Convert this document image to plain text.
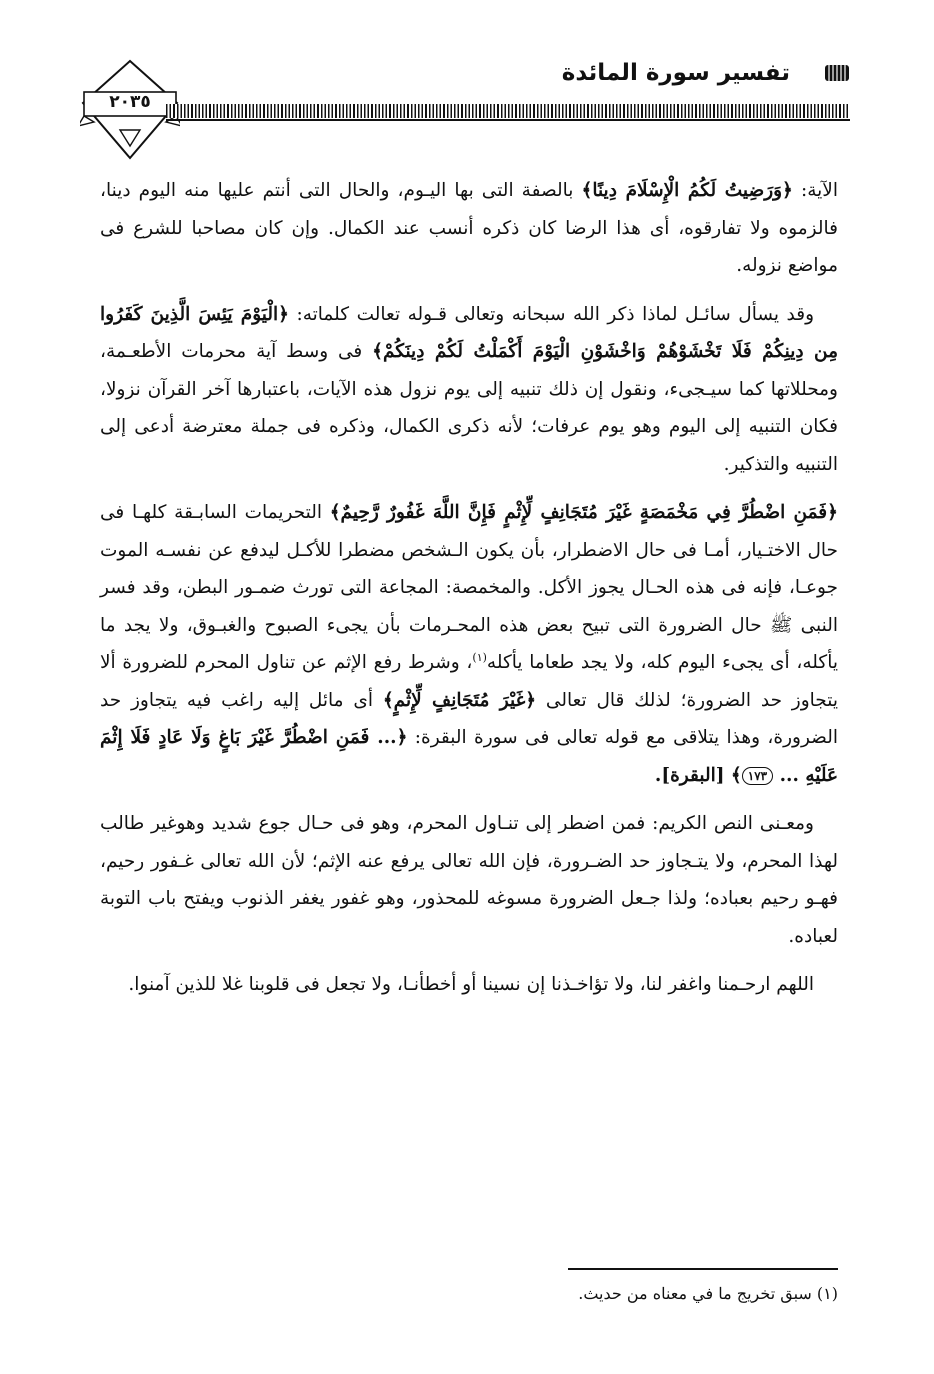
٢٠٣٥
تفسير سورة المائدة

الآية: ﴿وَرَضِيتُ لَكُمُ الْإِسْلَامَ دِينًا﴾ بالصفة التى بها اليـوم، والحال التى أنتم عليها منه اليوم دينا، فالزموه ولا تفارقوه، أى هذا الرضا كان ذكره أنسب عند الكمال. وإن كان مصاحبا للشرع فى مواضع نزوله.

وقد يسأل سائـل لماذا ذكر الله سبحانه وتعالى قـوله تعالت كلماته: ﴿الْيَوْمَ يَئِسَ الَّذِينَ كَفَرُوا مِن دِينِكُمْ فَلَا تَخْشَوْهُمْ وَاخْشَوْنِ الْيَوْمَ أَكْمَلْتُ لَكُمْ دِينَكُمْ﴾ فى وسط آية محرمات الأطعـمة، ومحللاتها كما سيـجىء، ونقول إن ذلك تنبيه إلى يوم نزول هذه الآيات، باعتبارها آخر القرآن نزولا، فكان التنبيه إلى اليوم وهو يوم عرفات؛ لأنه ذكرى الكمال، وذكره فى جملة معترضة أدعى إلى التنبيه والتذكير.

﴿فَمَنِ اضْطُرَّ فِي مَخْمَصَةٍ غَيْرَ مُتَجَانِفٍ لِّإِثْمٍ فَإِنَّ اللَّهَ غَفُورٌ رَّحِيمٌ﴾ التحريمات السابـقة كلهـا فى حال الاختـيار، أمـا فى حال الاضطرار، بأن يكون الـشخص مضطرا للأكـل ليدفع عن نفسـه الموت جوعـا، فإنه فى هذه الحـال يجوز الأكل. والمخمصة: المجاعة التى تورث ضمـور البطن، وقد فسر النبى ﷺ حال الضرورة التى تبيح بعض هذه المحـرمات بأن يجىء الصبوح والغبـوق، ولا يجد ما يأكله، أى يجىء اليوم كله، ولا يجد طعاما يأكله$^{(١)}$، وشرط رفع الإثم عن تناول المحرم للضرورة ألا يتجاوز حد الضرورة؛ لذلك قال تعالى ﴿غَيْرَ مُتَجَانِفٍ لِّإِثْمٍ﴾ أى مائل إليه راغب فيه يتجاوز حد الضرورة، وهذا يتلاقى مع قوله تعالى فى سورة البقرة: ﴿... فَمَنِ اضْطُرَّ غَيْرَ بَاغٍ وَلَا عَادٍ فَلَا إِثْمَ عَلَيْهِ ... ١٧٣﴾ [البقرة].

ومعـنى النص الكريم: فمن اضطر إلى تنـاول المحرم، وهو فى حـال جوع شديد وهوغير طالب لهذا المحرم، ولا يتـجاوز حد الضـرورة، فإن الله تعالى يرفع عنه الإثم؛ لأن الله تعالى غـفور رحيم، فهـو رحيم بعباده؛ ولذا جـعل الضرورة مسوغه للمحذور، وهو غفور يغفر الذنوب ويفتح باب التوبة لعباده.

اللهم ارحـمنا واغفر لنا، ولا تؤاخـذنا إن نسينا أو أخطأنـا، ولا تجعل فى قلوبنا غلا للذين آمنوا.

(١) سبق تخريج ما في معناه من حديث.
